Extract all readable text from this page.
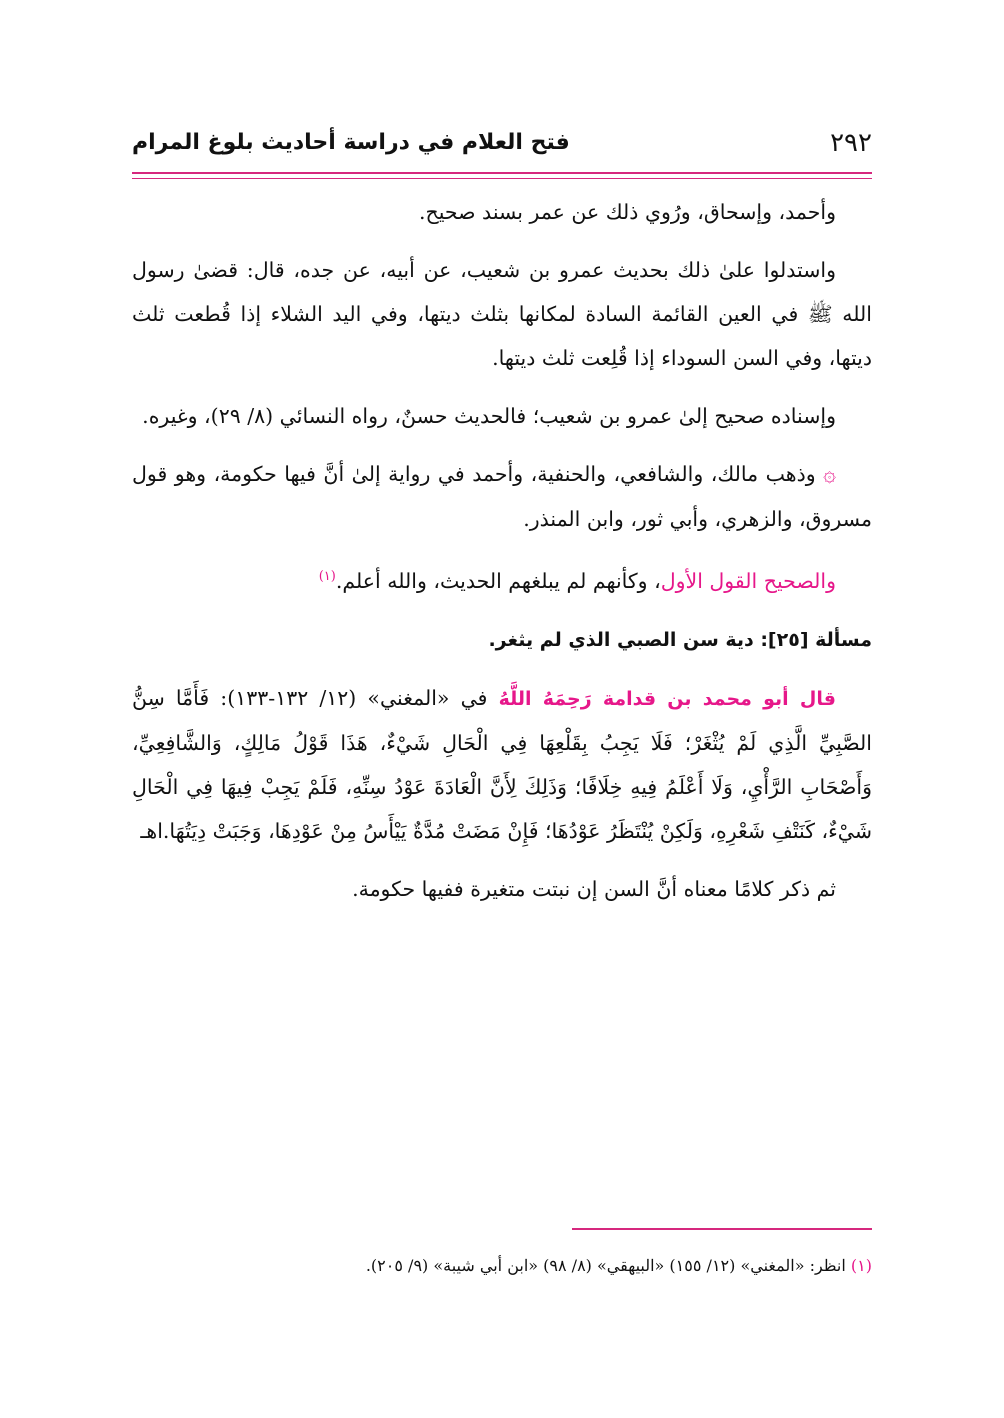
٢٩٢
فتح العلام في دراسة أحاديث بلوغ المرام

وأحمد، وإسحاق، ورُوي ذلك عن عمر بسند صحيح.

واستدلوا علىٰ ذلك بحديث عمرو بن شعيب، عن أبيه، عن جده، قال: قضىٰ رسول الله ﷺ في العين القائمة السادة لمكانها بثلث ديتها، وفي اليد الشلاء إذا قُطعت ثلث ديتها، وفي السن السوداء إذا قُلِعت ثلث ديتها.

وإسناده صحيح إلىٰ عمرو بن شعيب؛ فالحديث حسنٌ، رواه النسائي (٨/ ٢٩)، وغيره.

۞ وذهب مالك، والشافعي، والحنفية، وأحمد في رواية إلىٰ أنَّ فيها حكومة، وهو قول مسروق، والزهري، وأبي ثور، وابن المنذر.

والصحيح القول الأول، وكأنهم لم يبلغهم الحديث، والله أعلم.$^{(١)}$

مسألة [٢٥]: دية سن الصبي الذي لم يثغر.

قال أبو محمد بن قدامة رَحِمَهُ اللَّهُ في «المغني» (١٢/ ١٣٢-١٣٣): فَأَمَّا سِنُّ الصَّبِيِّ الَّذِي لَمْ يُثْغَرْ؛ فَلَا يَجِبُ بِقَلْعِهَا فِي الْحَالِ شَيْءٌ، هَذَا قَوْلُ مَالِكٍ، وَالشَّافِعِيِّ، وَأَصْحَابِ الرَّأْيِ، وَلَا أَعْلَمُ فِيهِ خِلَافًا؛ وَذَلِكَ لِأَنَّ الْعَادَةَ عَوْدُ سِنِّهِ، فَلَمْ يَجِبْ فِيهَا فِي الْحَالِ شَيْءٌ، كَنَتْفِ شَعْرِهِ، وَلَكِنْ يُنْتَظَرُ عَوْدُهَا؛ فَإِنْ مَضَتْ مُدَّةٌ يَيْأَسُ مِنْ عَوْدِهَا، وَجَبَتْ دِيَتُهَا.اهـ

ثم ذكر كلامًا معناه أنَّ السن إن نبتت متغيرة ففيها حكومة.

(١) انظر: «المغني» (١٢/ ١٥٥) «البيهقي» (٨/ ٩٨) «ابن أبي شيبة» (٩/ ٢٠٥).
